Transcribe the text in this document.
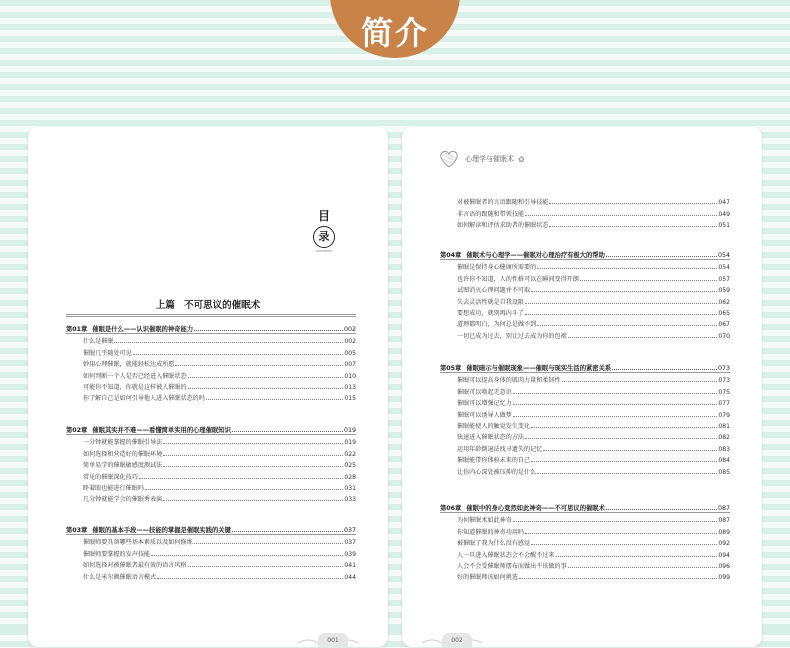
简介
目
录
CONTENTS
上篇 不可思议的催眠术
第01章 催眠是什么——认识催眠的神奇能力	002
什么是催眠	002
催眠几乎随处可见	005
妙用心理催眠，就能轻松达成所愿	007
如何判断一个人是否已经进入催眠状态	010
可能你不知道，你就是这样被人催眠的	013
你了解自己是如何引导他人进入催眠状态的吗	015
第02章 催眠其实并不难——看懂简单实用的心理催眠知识	019
一分钟就能掌握的催眠引导法	019
如何选择和营造好的催眠环境	022
简单易学的催眠敏感度测试法	025
常见的催眠深化技巧	028
睁着眼也能进行催眠吗	031
几分钟就能学会的催眠秀表演	033
第03章 催眠的基本手段——技能的掌握是催眠实践的关键	037
催眠师要具备哪些基本素质以及如何修炼	037
催眠师要掌握的发声技能	039
如何选择对被催眠者最有效的语言风格	041
什么是米尔顿催眠语言模式	044
001
心理学与催眠术 ✿
对被催眠者的言语跟随和引导技能	047
非言语的跟随和带领技能	049
如何解读和评估求助者的催眠状态	051
第04章 催眠术与心理学——催眠对心理治疗有极大的帮助	054
催眠是保持身心健康所需要的	054
也许你不知道，人的性格可以在瞬间变得开朗	057
试图消灭心理问题并不可取	059
失去灵活性就是自我设限	062
要想成功，就别再内斗了	065
道理都明白，为何总是做不到	067
一切已成为过去，别让过去成为你的包袱	070
第05章 催眠暗示与催眠现象——催眠与现实生活的紧密关系	073
催眠可以提高身体的肌肉力量和柔韧性	073
催眠可以唤起无意识	075
催眠可以增强记忆力	077
催眠可以诱导人做梦	079
催眠能使人的触觉发生变化	081
快速进入催眠状态的方法	082
运用年龄倒退法找寻遗失的记忆	083
催眠能带你体验未来的自己	084
让你内心深处被压抑的是什么	085
第06章 催眠中的身心竟然如此神奇——不可思议的催眠术	087
为何催眠术如此神奇	087
你知道催眠的神奇功用吗	089
被催眠了我为什么没有感觉	092
人一旦进入催眠状态会不会醒不过来	094
人会不会受催眠师摆布而做出不该做的事	096
好的催眠师该如何挑选	099
002
